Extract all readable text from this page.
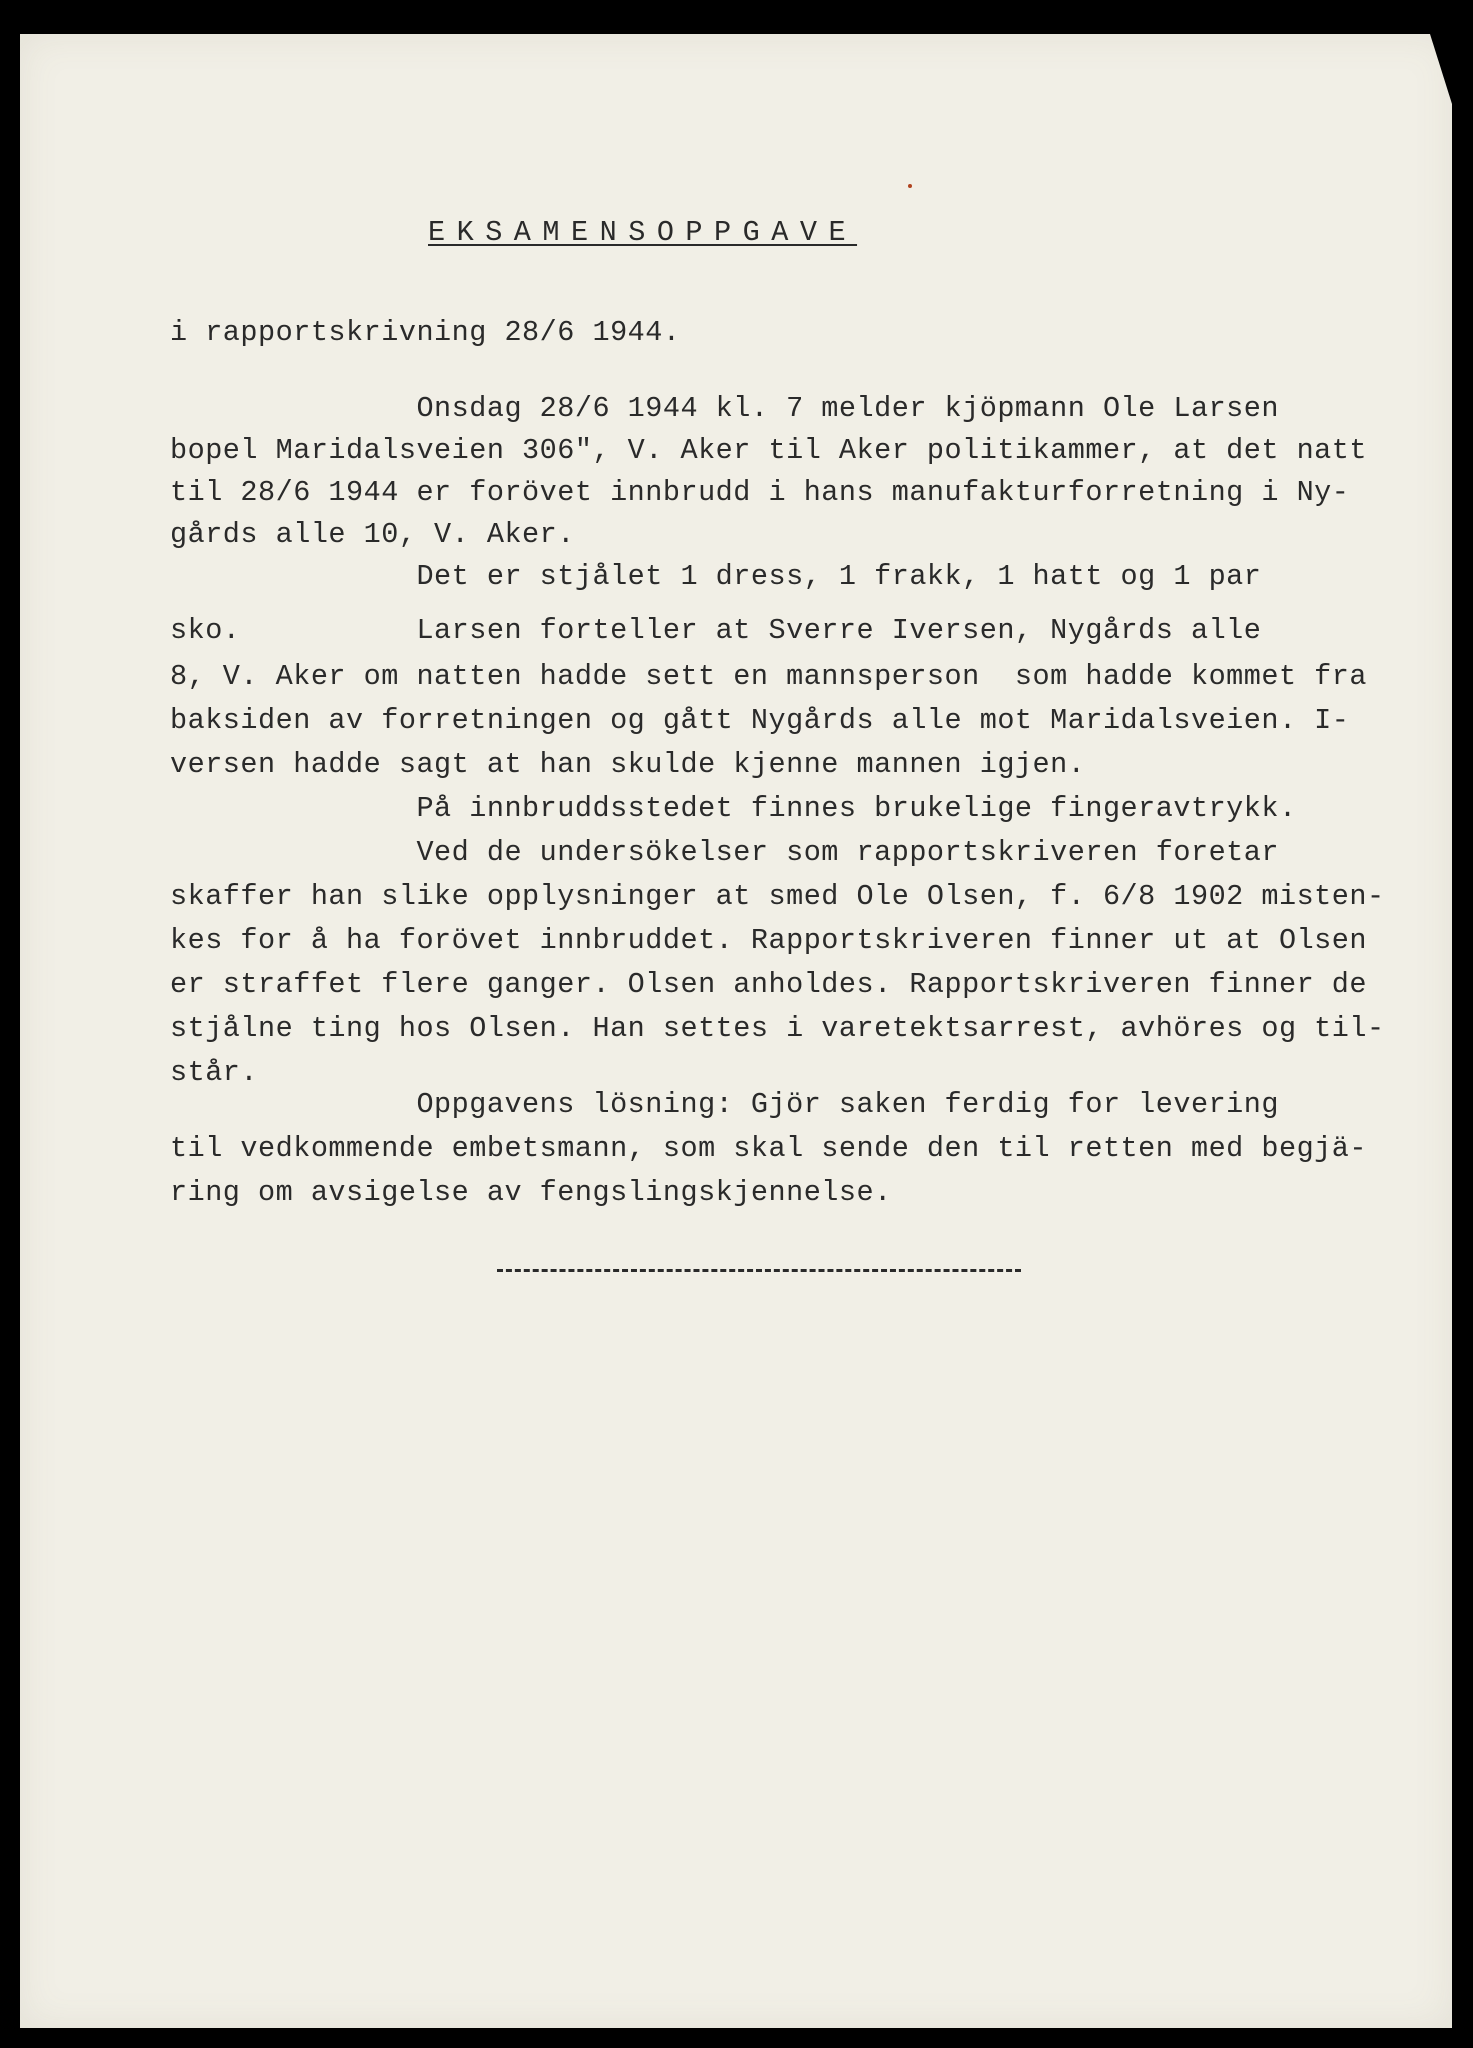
EKSAMENSOPPGAVE
i rapportskrivning 28/6 1944.
Onsdag 28/6 1944 kl. 7 melder kjöpmann Ole Larsen
bopel Maridalsveien 306", V. Aker til Aker politikammer, at det natt
til 28/6 1944 er forövet innbrudd i hans manufakturforretning i Ny-
gårds alle 10, V. Aker.
Det er stjålet 1 dress, 1 frakk, 1 hatt og 1 par
sko.          Larsen forteller at Sverre Iversen, Nygårds alle
8, V. Aker om natten hadde sett en mannsperson  som hadde kommet fra
baksiden av forretningen og gått Nygårds alle mot Maridalsveien. I-
versen hadde sagt at han skulde kjenne mannen igjen.
På innbruddsstedet finnes brukelige fingeravtrykk.
Ved de undersökelser som rapportskriveren foretar
skaffer han slike opplysninger at smed Ole Olsen, f. 6/8 1902 misten-
kes for å ha forövet innbruddet. Rapportskriveren finner ut at Olsen
er straffet flere ganger. Olsen anholdes. Rapportskriveren finner de
stjålne ting hos Olsen. Han settes i varetektsarrest, avhöres og til-
står.
Oppgavens lösning: Gjör saken ferdig for levering
til vedkommende embetsmann, som skal sende den til retten med begjä-
ring om avsigelse av fengslingskjennelse.
